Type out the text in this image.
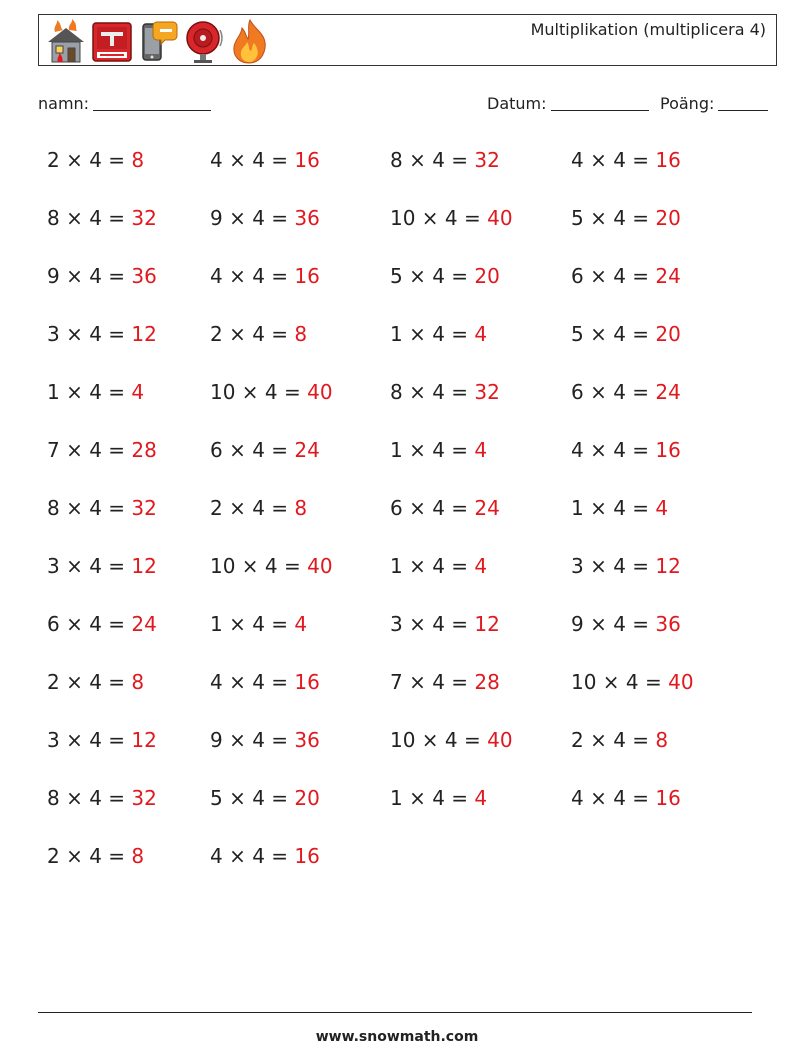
Multiplikation (multiplicera 4)
namn:	Datum:	Poäng:
2 × 4 = 8	4 × 4 = 16	8 × 4 = 32	4 × 4 = 16
8 × 4 = 32	9 × 4 = 36	10 × 4 = 40	5 × 4 = 20
9 × 4 = 36	4 × 4 = 16	5 × 4 = 20	6 × 4 = 24
3 × 4 = 12	2 × 4 = 8	1 × 4 = 4	5 × 4 = 20
1 × 4 = 4	10 × 4 = 40	8 × 4 = 32	6 × 4 = 24
7 × 4 = 28	6 × 4 = 24	1 × 4 = 4	4 × 4 = 16
8 × 4 = 32	2 × 4 = 8	6 × 4 = 24	1 × 4 = 4
3 × 4 = 12	10 × 4 = 40	1 × 4 = 4	3 × 4 = 12
6 × 4 = 24	1 × 4 = 4	3 × 4 = 12	9 × 4 = 36
2 × 4 = 8	4 × 4 = 16	7 × 4 = 28	10 × 4 = 40
3 × 4 = 12	9 × 4 = 36	10 × 4 = 40	2 × 4 = 8
8 × 4 = 32	5 × 4 = 20	1 × 4 = 4	4 × 4 = 16
2 × 4 = 8	4 × 4 = 16
www.snowmath.com
